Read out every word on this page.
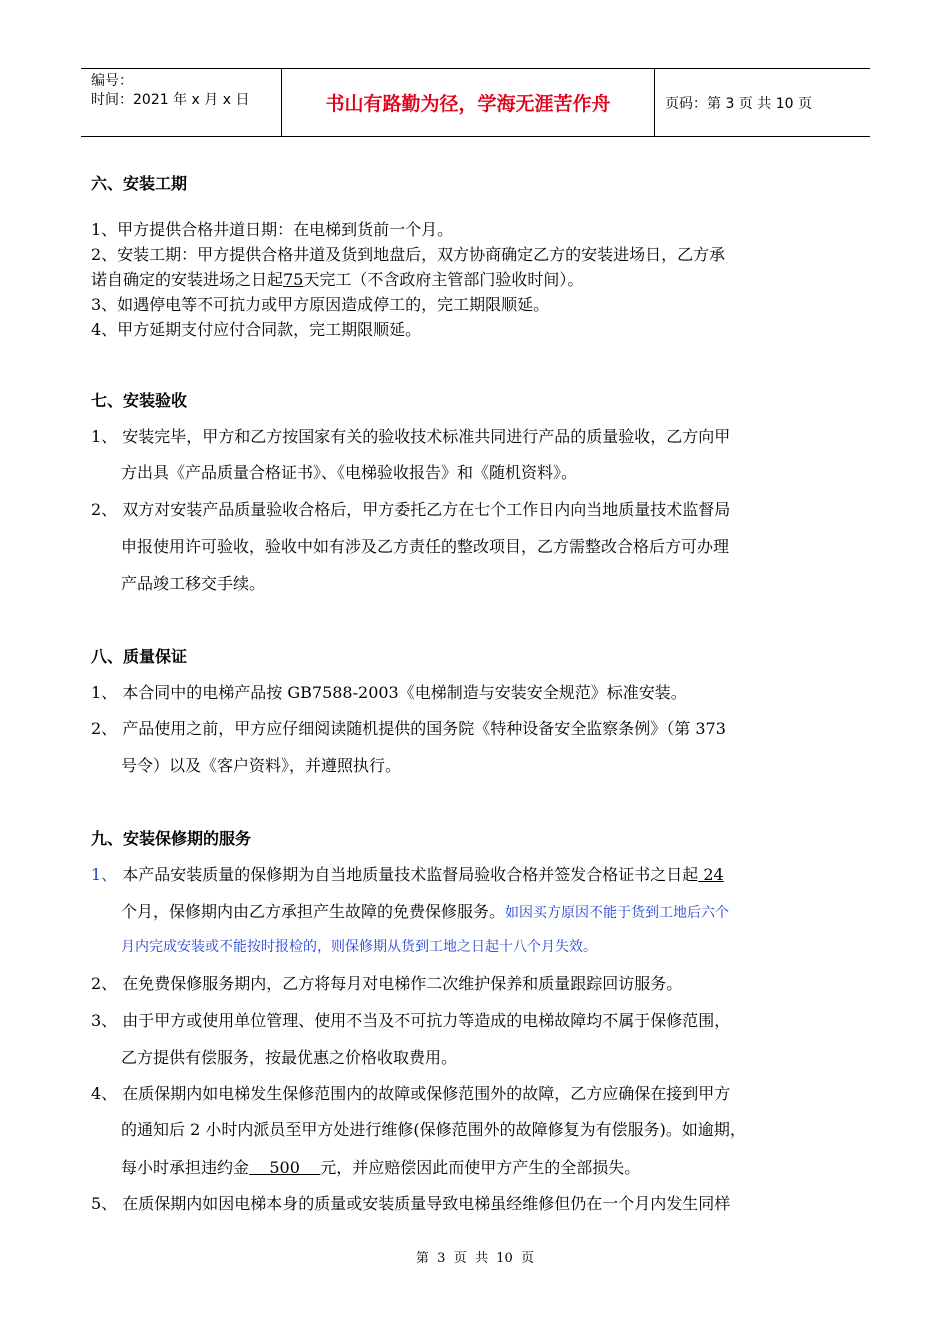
编号：
时间：2021 年 x 月 x 日	书山有路勤为径，学海无涯苦作舟	页码：第 3 页 共 10 页
六、安装工期
1、甲方提供合格井道日期：在电梯到货前一个月。
2、安装工期：甲方提供合格井道及货到地盘后，双方协商确定乙方的安装进场日，乙方承
诺自确定的安装进场之日起75天完工（不含政府主管部门验收时间）。
3、如遇停电等不可抗力或甲方原因造成停工的，完工期限顺延。
4、甲方延期支付应付合同款，完工期限顺延。
七、安装验收
1、 安装完毕，甲方和乙方按国家有关的验收技术标准共同进行产品的质量验收，乙方向甲
方出具《产品质量合格证书》、《电梯验收报告》和《随机资料》。
2、 双方对安装产品质量验收合格后，甲方委托乙方在七个工作日内向当地质量技术监督局
申报使用许可验收，验收中如有涉及乙方责任的整改项目，乙方需整改合格后方可办理
产品竣工移交手续。
八、质量保证
1、 本合同中的电梯产品按 GB7588-2003《电梯制造与安装安全规范》标准安装。
2、 产品使用之前，甲方应仔细阅读随机提供的国务院《特种设备安全监察条例》（第 373
号令）以及《客户资料》，并遵照执行。
九、安装保修期的服务
1、 本产品安装质量的保修期为自当地质量技术监督局验收合格并签发合格证书之日起 24
个月，保修期内由乙方承担产生故障的免费保修服务。如因买方原因不能于货到工地后六个
月内完成安装或不能按时报检的，则保修期从货到工地之日起十八个月失效。
2、 在免费保修服务期内，乙方将每月对电梯作二次维护保养和质量跟踪回访服务。
3、 由于甲方或使用单位管理、使用不当及不可抗力等造成的电梯故障均不属于保修范围，
乙方提供有偿服务，按最优惠之价格收取费用。
4、 在质保期内如电梯发生保修范围内的故障或保修范围外的故障，乙方应确保在接到甲方
的通知后 2 小时内派员至甲方处进行维修(保修范围外的故障修复为有偿服务)。如逾期，
每小时承担违约金    500    元，并应赔偿因此而使甲方产生的全部损失。
5、 在质保期内如因电梯本身的质量或安装质量导致电梯虽经维修但仍在一个月内发生同样
第  3  页  共  10  页
